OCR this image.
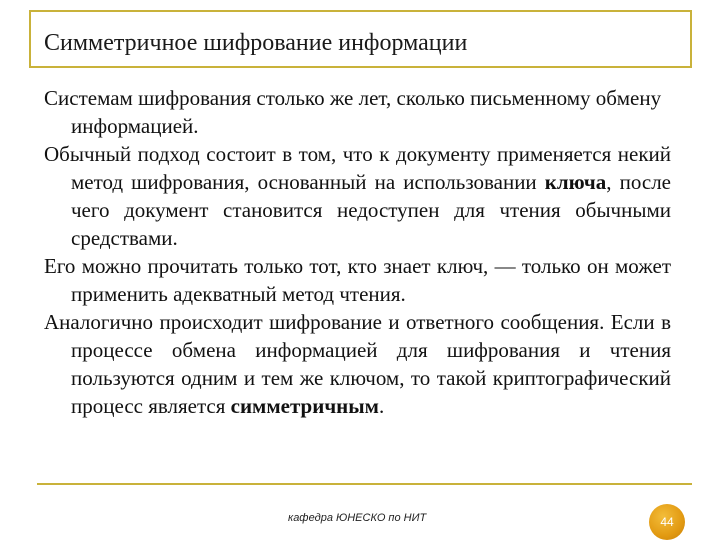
Симметричное шифрование информации

Системам шифрования столько же лет, сколько письменному обмену информацией.

Обычный подход состоит в том, что к документу применяется некий метод шифрования, основанный на использовании ключа, после чего документ становится недоступен для чтения обычными средствами.

Его можно прочитать только тот, кто знает ключ, — только он может применить адекватный метод чтения.

Аналогично происходит шифрование и ответного сообщения. Если в процессе обмена информацией для шифрования и чтения пользуются одним и тем же ключом, то такой криптографический процесс является симметричным.

кафедра ЮНЕСКО по НИТ	44
